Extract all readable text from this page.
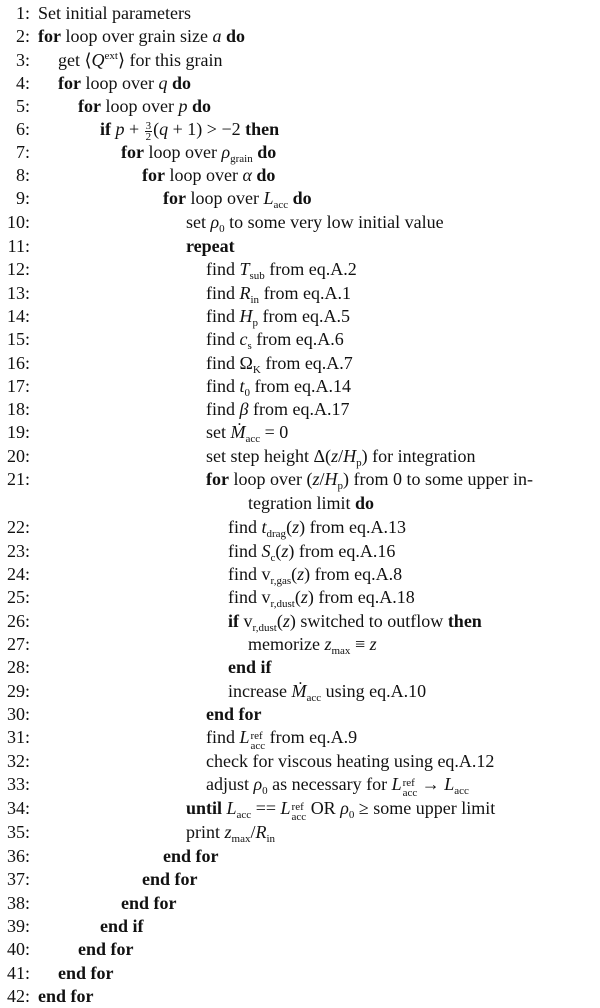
1: Set initial parameters
2: for loop over grain size a do
3: get $⟨Q^{ext}⟩$ for this grain
4: for loop over q do
5:	for loop over p do
6:	if $p + \frac{3}{2} (q + 1) > -2$ then
7:	for loop over $\rho_{grain}$ do
8:	for loop over α do
9:	for loop over $L_{acc}$ do
10:	set $\rho_0$ to some very low initial value
11:	repeat
12:	find $T_{sub}$ from eq.A.2
13:	find $R_{in}$ from eq.A.1
14:	find $H_p$ from eq.A.5
15:	find $c_s$ from eq.A.6
16:	find $\Omega_K$ from eq.A.7
17:	find $t_0$ from eq.A.14
18:	find β from eq.A.17
19:	set Ṁ$_{acc}$ = 0
20:	set step height $\Delta(z/H_p)$ for integration
21:	for loop over $(z/H_p)$ from 0 to some upper in-
22:	find $t_{drag}(z)$ from eq.A.13
23:	find $S_c(z)$ from eq.A.16
24:	find $v_{r,gas}(z)$ from eq.A.8
25:	find $v_{r,dust}(z)$ from eq.A.18
26:	if $v_{r,dust}(z)$ switched to outflow then
27:	memorize $z_{max} \equiv z$
28:	end if
29:	increase Ṁ$_{acc}$ using eq.A.10
30:	end for
31:	find L ref
acc from eq.A.9
32:	check for viscous heating using eq.A.12
33:	adjust $\rho_0$ as necessary for L ref
acc → $L_{acc}$
34:	until $L_{acc} == L$ ref
acc OR $\rho_0$ ≥ some upper limit
35:	print $z_{max}/R_{in}$
36:	end for
37:	end for
38:	end for
39:	end if
40:	end for
41: end for
42: end for
tegration limit do
